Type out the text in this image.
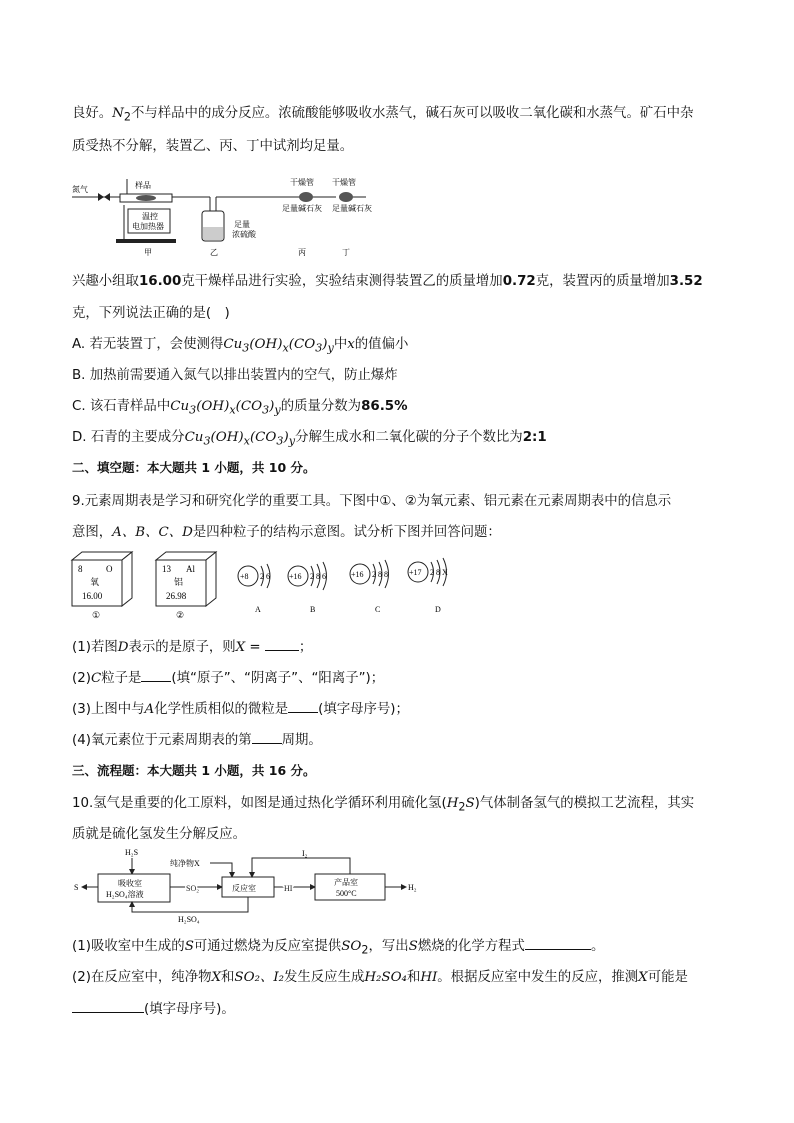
良好。$N_2$不与样品中的成分反应。浓硫酸能够吸收水蒸气，碱石灰可以吸收二氧化碳和水蒸气。矿石中杂
质受热不分解，装置乙、丙、丁中试剂均足量。
氮气	样品
温控
电加热器
甲
足量
浓硫酸
乙
干燥管
足量碱石灰
丙
干燥管
足量碱石灰
丁
兴趣小组取16.00克干燥样品进行实验，实验结束测得装置乙的质量增加0.72克，装置丙的质量增加3.52
克，下列说法正确的是(　)
A. 若无装置丁，会使测得$Cu_3(OH)_x(CO_3)_y$中x的值偏小
B. 加热前需要通入氮气以排出装置内的空气，防止爆炸
C. 该石青样品中$Cu_3(OH)_x(CO_3)_y$的质量分数为86.5%
D. 石青的主要成分$Cu_3(OH)_x(CO_3)_y$分解生成水和二氧化碳的分子个数比为2:1
二、填空题：本大题共 1 小题，共 10 分。
9.元素周期表是学习和研究化学的重要工具。下图中①、②为氧元素、铝元素在元素周期表中的信息示
意图，A、B、C、D是四种粒子的结构示意图。试分析下图并回答问题：
8	O
氧
16.00
①
13 Al
铝
26.98
②
+8 2 6
A
+16 2 8 6
B
+16 2 8 8
C
+17 2 8 X
D
(1)若图D表示的是原子，则X =	；
(2)C粒子是 (填“原子”、“阴离子”、“阳离子”)；
(3)上图中与A化学性质相似的微粒是 (填字母序号)；
(4)氧元素位于元素周期表的第 周期。
三、流程题：本大题共 1 小题，共 16 分。
10.氢气是重要的化工原料，如图是通过热化学循环利用硫化氢$(H_2S)$气体制备氢气的模拟工艺流程，其实
质就是硫化氢发生分解反应。
H₂S
S	吸收室
H₂SO₄溶液
SO₂
纯净物X
反应室	HI
产品室
500°C
H₂
I₂
H₂SO₄
(1)吸收室中生成的S可通过燃烧为反应室提供$SO_2$，写出S燃烧的化学方程式	。
(2)在反应室中，纯净物X和SO₂、I₂发生反应生成H₂SO₄和HI。根据反应室中发生的反应，推测X可能是
(填字母序号)。
